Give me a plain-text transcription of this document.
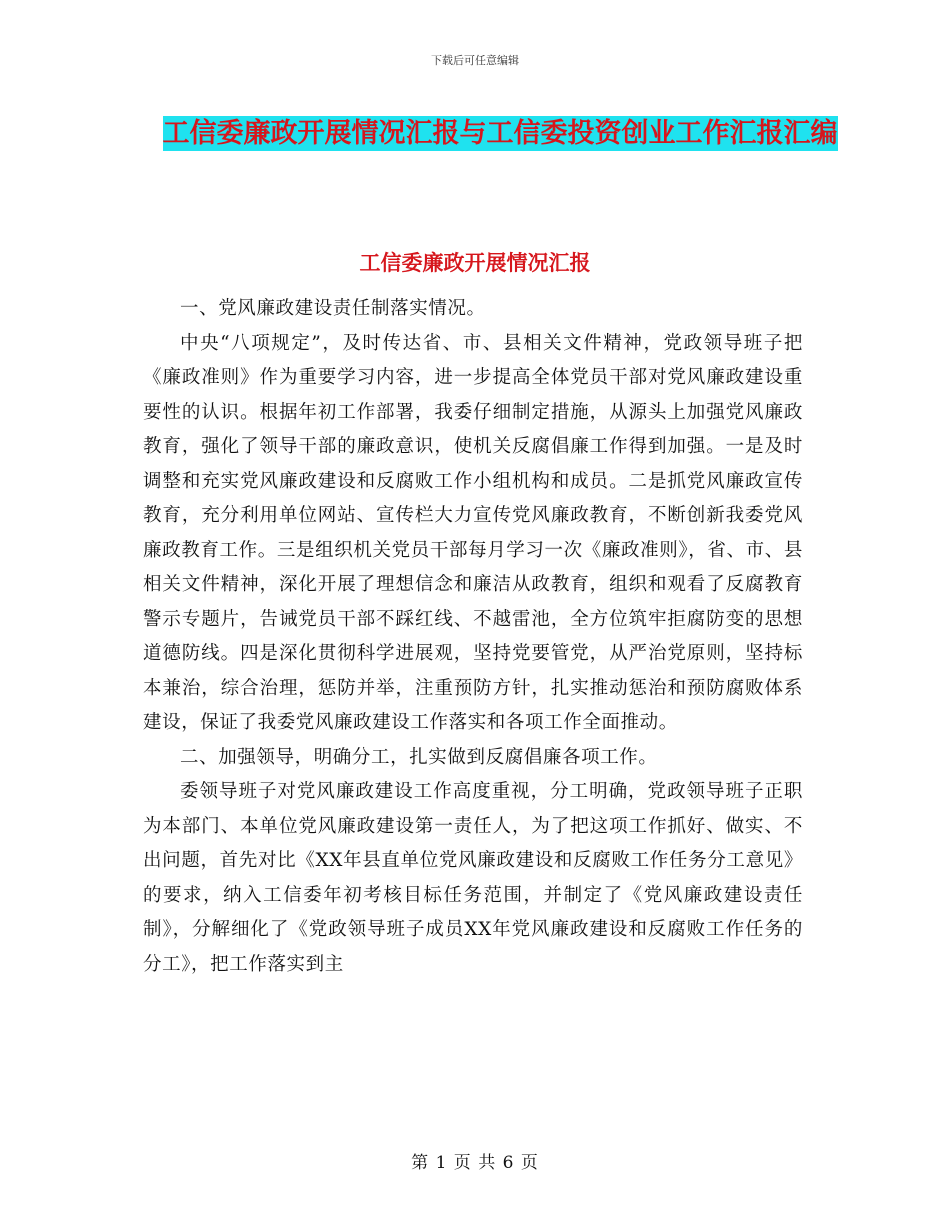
下载后可任意编辑
工信委廉政开展情况汇报与工信委投资创业工作汇报汇编
工信委廉政开展情况汇报

一、党风廉政建设责任制落实情况。

中央“八项规定”，及时传达省、市、县相关文件精神，党政领导班子把《廉政准则》作为重要学习内容，进一步提高全体党员干部对党风廉政建设重要性的认识。根据年初工作部署，我委仔细制定措施，从源头上加强党风廉政教育，强化了领导干部的廉政意识，使机关反腐倡廉工作得到加强。一是及时调整和充实党风廉政建设和反腐败工作小组机构和成员。二是抓党风廉政宣传教育，充分利用单位网站、宣传栏大力宣传党风廉政教育，不断创新我委党风廉政教育工作。三是组织机关党员干部每月学习一次《廉政准则》，省、市、县相关文件精神，深化开展了理想信念和廉洁从政教育，组织和观看了反腐教育警示专题片，告诫党员干部不踩红线、不越雷池，全方位筑牢拒腐防变的思想道德防线。四是深化贯彻科学进展观，坚持党要管党，从严治党原则，坚持标本兼治，综合治理，惩防并举，注重预防方针，扎实推动惩治和预防腐败体系建设，保证了我委党风廉政建设工作落实和各项工作全面推动。

二、加强领导，明确分工，扎实做到反腐倡廉各项工作。

委领导班子对党风廉政建设工作高度重视，分工明确，党政领导班子正职为本部门、本单位党风廉政建设第一责任人，为了把这项工作抓好、做实、不出问题，首先对比《XX年县直单位党风廉政建设和反腐败工作任务分工意见》的要求，纳入工信委年初考核目标任务范围，并制定了《党风廉政建设责任制》，分解细化了《党政领导班子成员XX年党风廉政建设和反腐败工作任务的分工》，把工作落实到主

第 1 页 共 6 页
